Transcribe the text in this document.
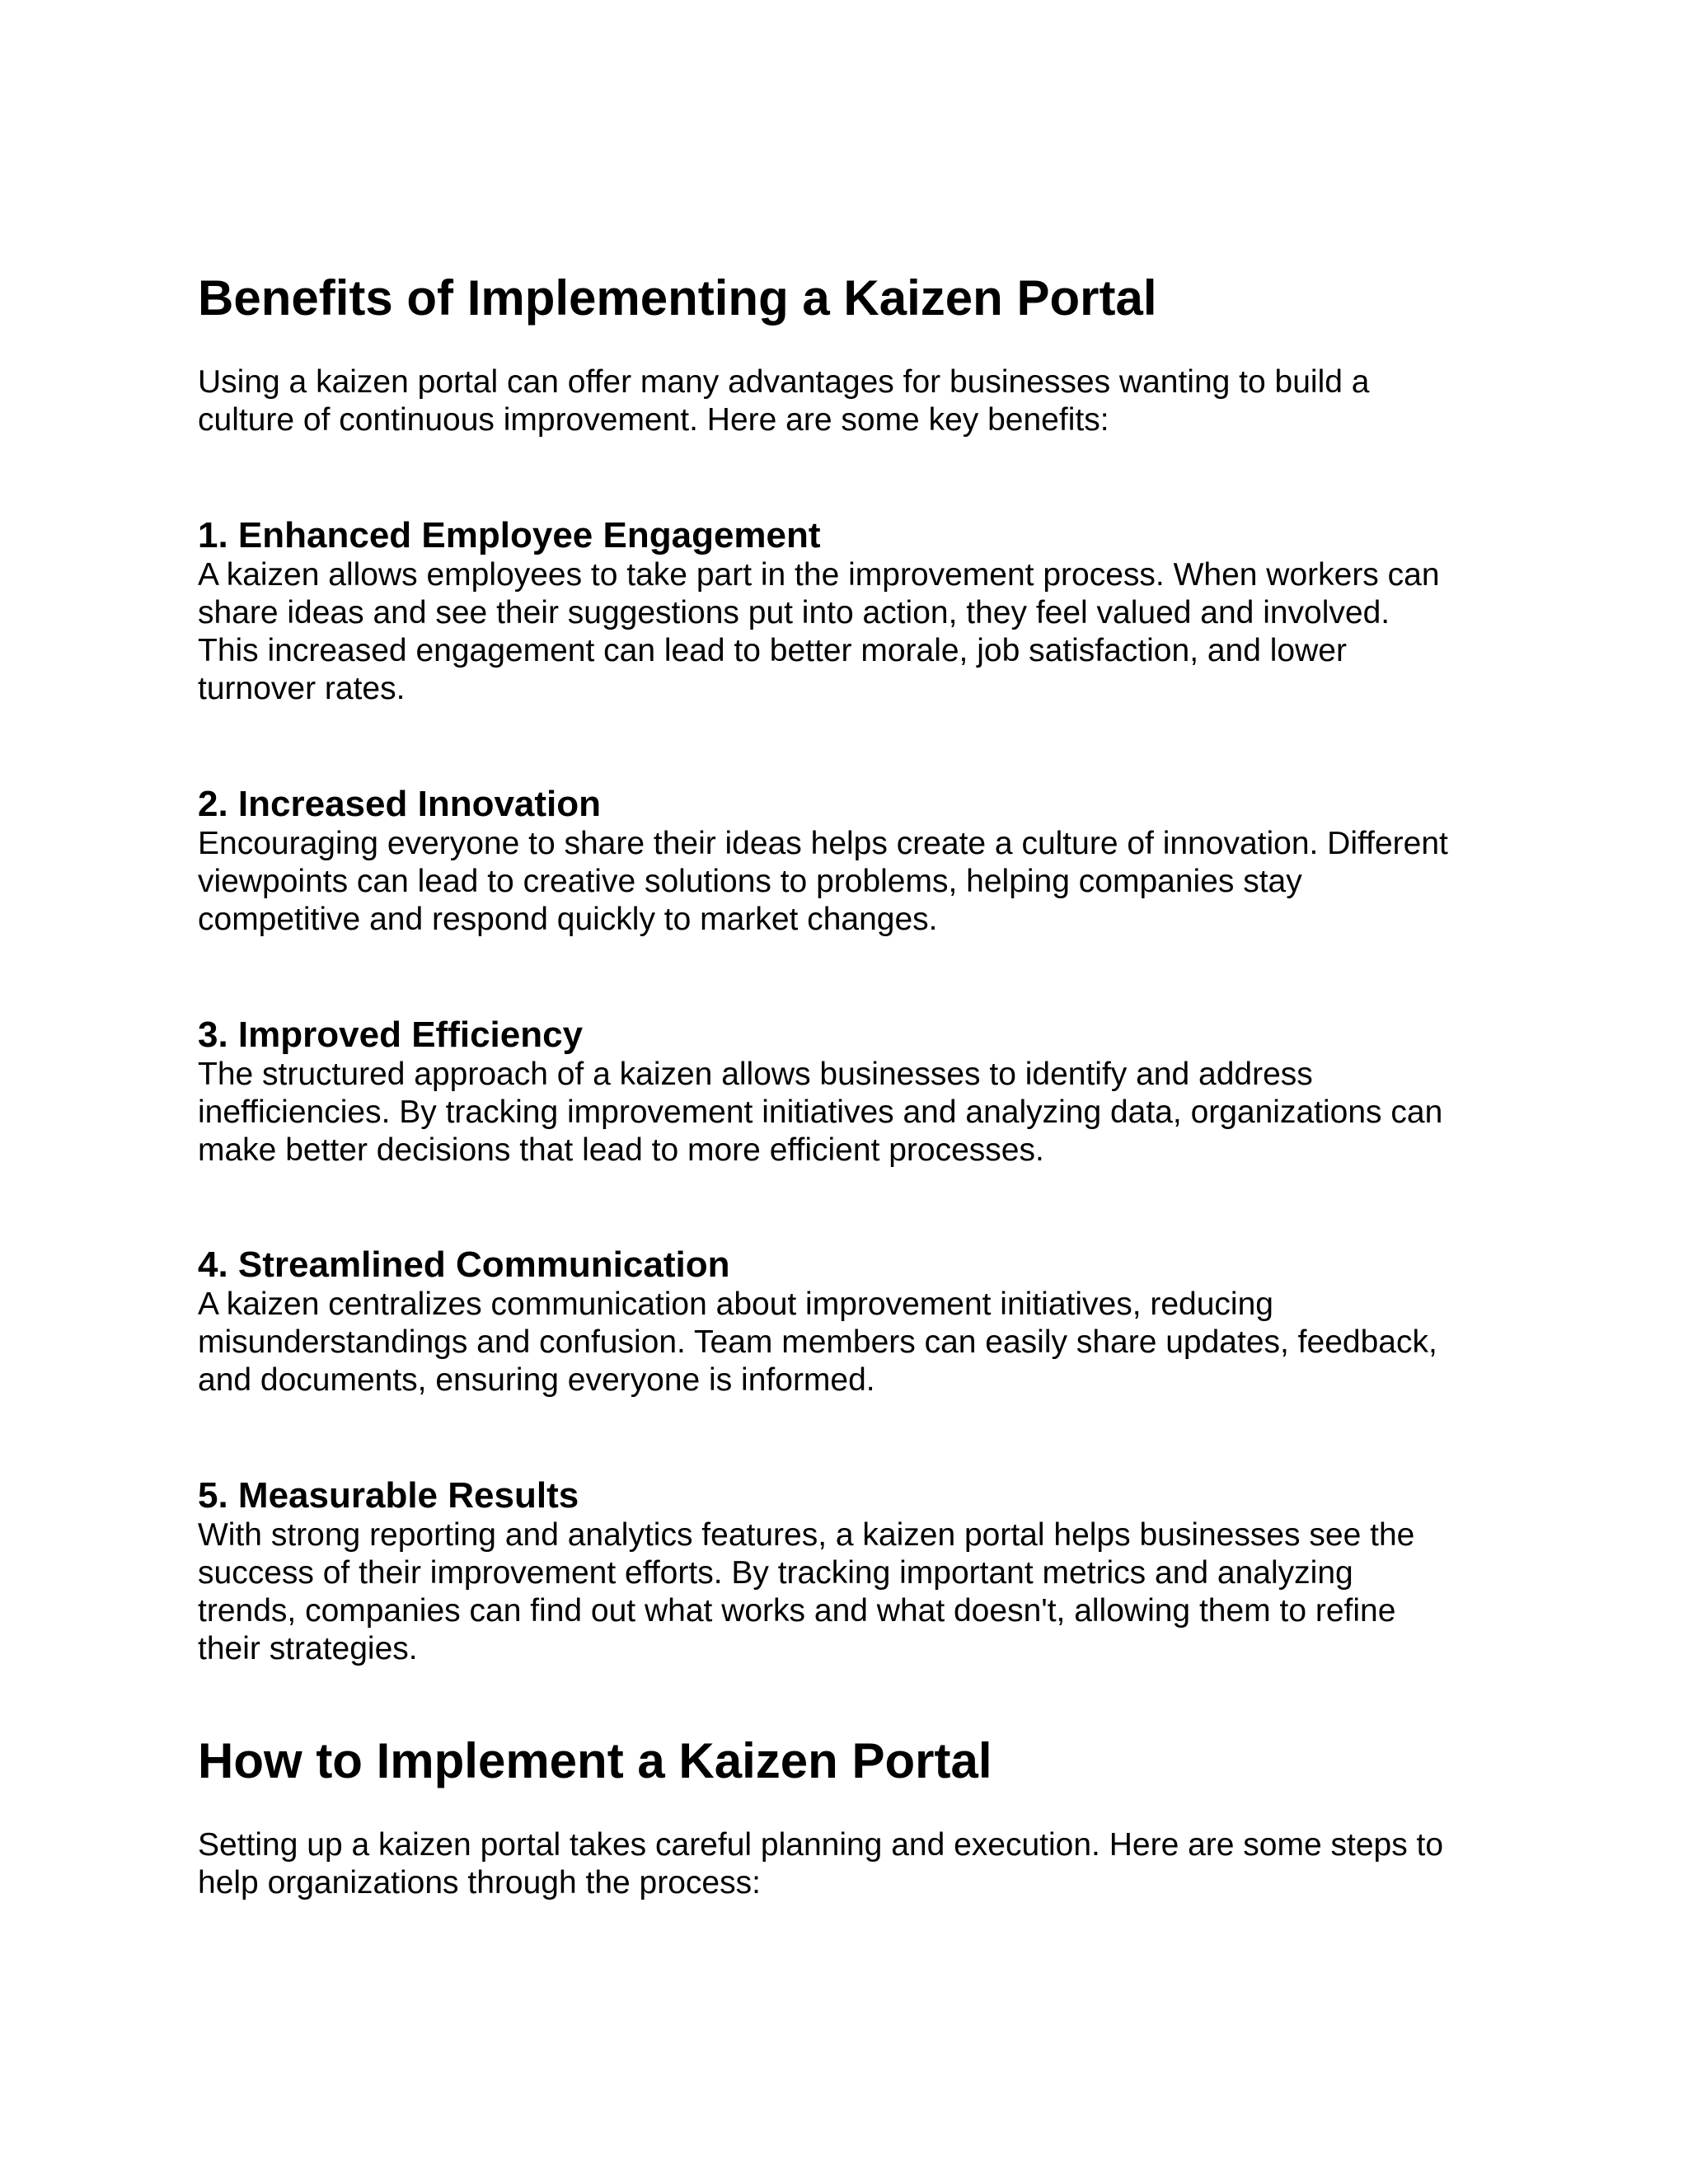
Benefits of Implementing a Kaizen Portal

Using a kaizen portal can offer many advantages for businesses wanting to build a
culture of continuous improvement. Here are some key benefits:

1. Enhanced Employee Engagement

A kaizen allows employees to take part in the improvement process. When workers can
share ideas and see their suggestions put into action, they feel valued and involved.
This increased engagement can lead to better morale, job satisfaction, and lower
turnover rates.

2. Increased Innovation

Encouraging everyone to share their ideas helps create a culture of innovation. Different
viewpoints can lead to creative solutions to problems, helping companies stay
competitive and respond quickly to market changes.

3. Improved Efficiency

The structured approach of a kaizen allows businesses to identify and address
inefficiencies. By tracking improvement initiatives and analyzing data, organizations can
make better decisions that lead to more efficient processes.

4. Streamlined Communication

A kaizen centralizes communication about improvement initiatives, reducing
misunderstandings and confusion. Team members can easily share updates, feedback,
and documents, ensuring everyone is informed.

5. Measurable Results

With strong reporting and analytics features, a kaizen portal helps businesses see the
success of their improvement efforts. By tracking important metrics and analyzing
trends, companies can find out what works and what doesn't, allowing them to refine
their strategies.

How to Implement a Kaizen Portal

Setting up a kaizen portal takes careful planning and execution. Here are some steps to
help organizations through the process:
